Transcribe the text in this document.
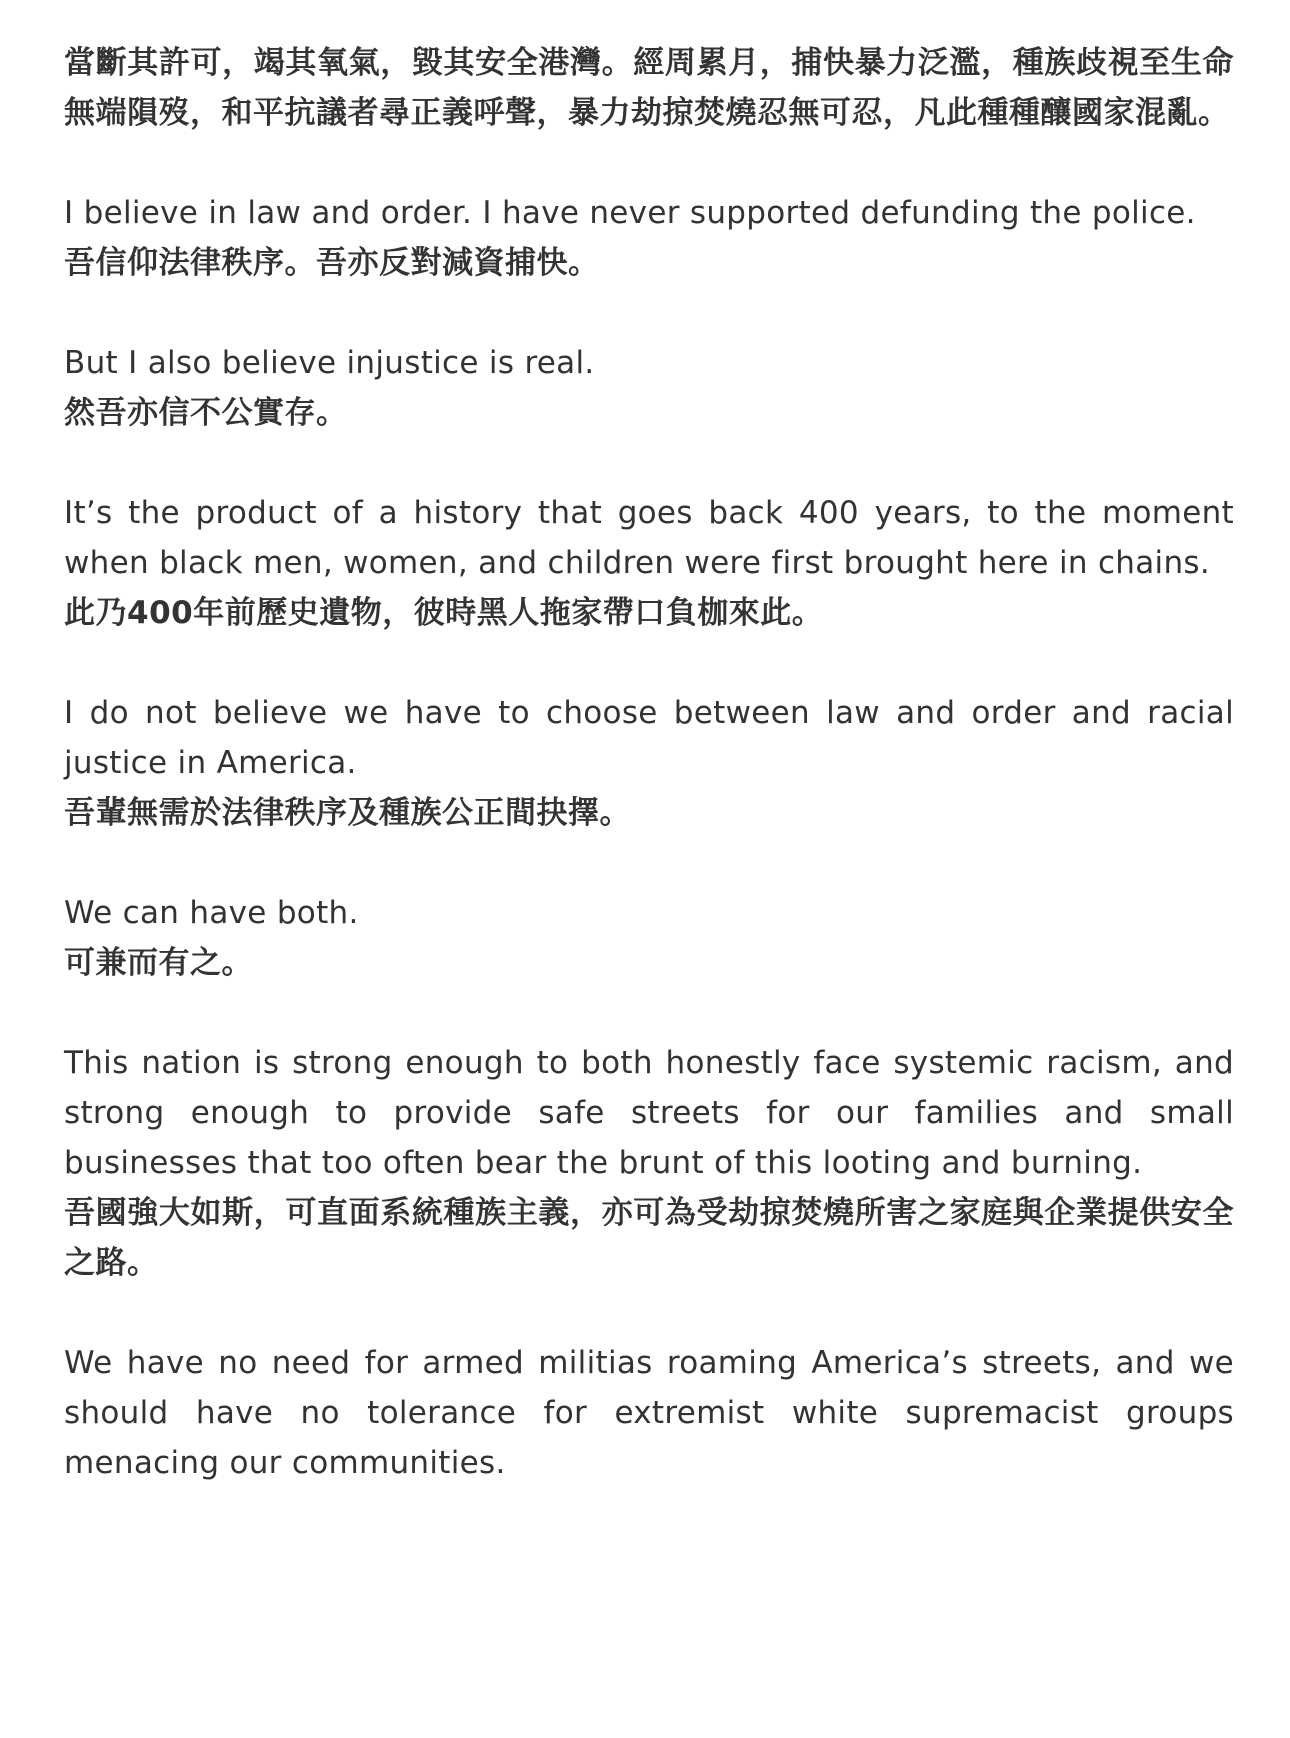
當斷其許可，竭其氧氣，毀其安全港灣。經周累月，捕快暴力泛濫，種族歧視至生命無端隕歿，和平抗議者尋正義呼聲，暴力劫掠焚燒忍無可忍，凡此種種釀國家混亂。

I believe in law and order. I have never supported defunding the police.

吾信仰法律秩序。吾亦反對減資捕快。

But I also believe injustice is real.

然吾亦信不公實存。

It’s the product of a history that goes back 400 years, to the moment when black men, women, and children were first brought here in chains.

此乃400年前歷史遺物，彼時黑人拖家帶口負枷來此。

I do not believe we have to choose between law and order and racial justice in America.

吾輩無需於法律秩序及種族公正間抉擇。

We can have both.

可兼而有之。

This nation is strong enough to both honestly face systemic racism, and strong enough to provide safe streets for our families and small businesses that too often bear the brunt of this looting and burning.

吾國強大如斯，可直面系統種族主義，亦可為受劫掠焚燒所害之家庭與企業提供安全之路。

We have no need for armed militias roaming America’s streets, and we should have no tolerance for extremist white supremacist groups menacing our communities.
